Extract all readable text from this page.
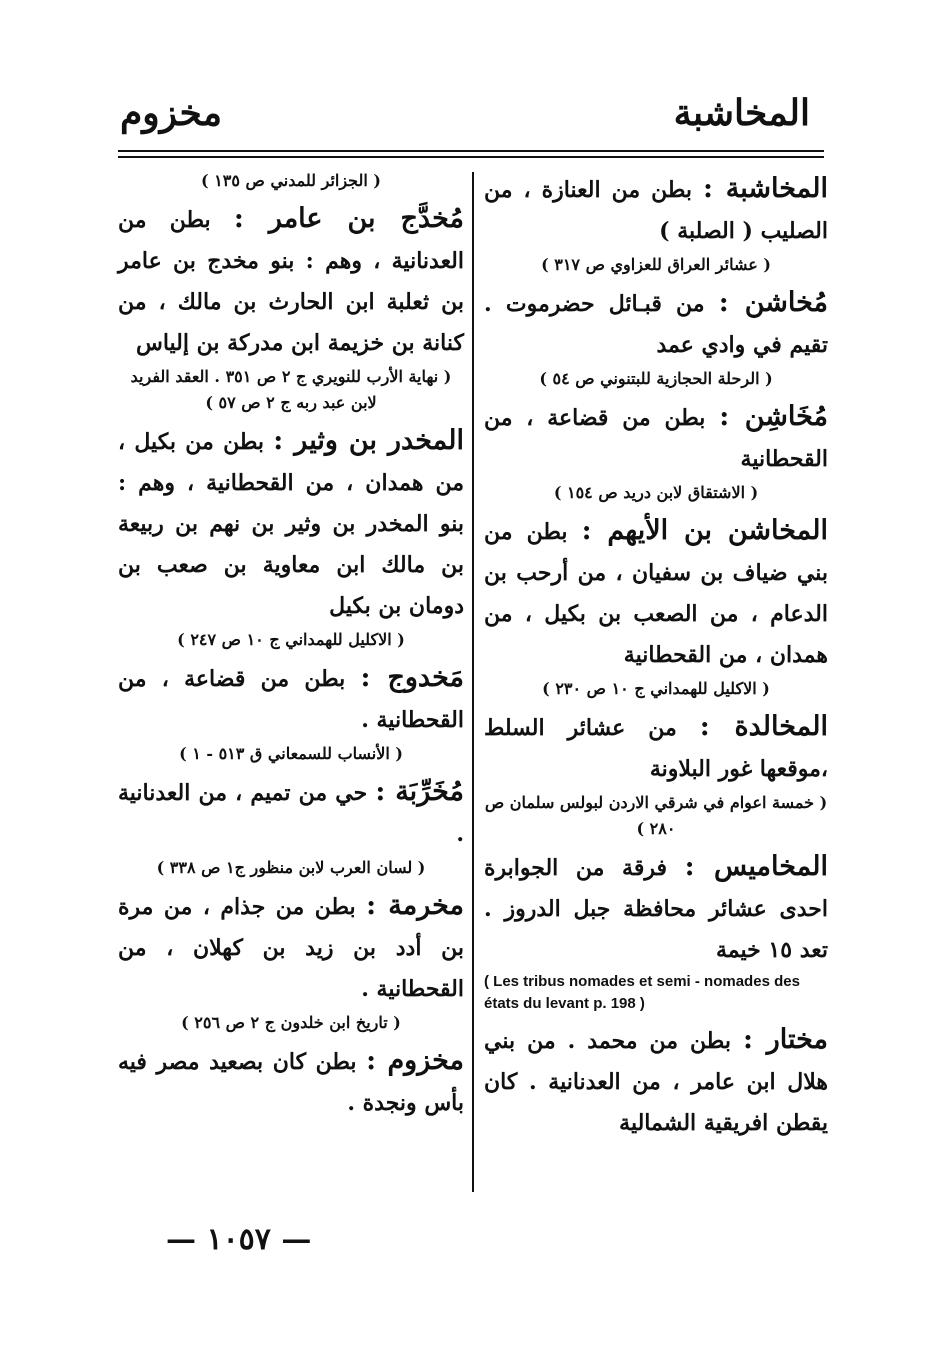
المخاشبة
مخزوم

المخاشبة : بطن من العنازة ، من الصليب ( الصلبة )

( عشائر العراق للعزاوي ص ٣١٧ )

مُخاشن : من قبـائل حضرموت . تقيم في وادي عمد

( الرحلة الحجازية للبتنوني ص ٥٤ )

مُخَاشِن : بطن من قضاعة ، من القحطانية

( الاشتقاق لابن دريد ص ١٥٤ )

المخاشن بن الأيهم : بطن من بني ضياف بن سفيان ، من أرحب بن الدعام ، من الصعب بن بكيل ، من همدان ، من القحطانية

( الاكليل للهمداني ج ١٠ ص ٢٣٠ )

المخالدة : من عشائر السلط ،موقعها غور البلاونة

( خمسة اعوام في شرقي الاردن لبولس سلمان ص ٢٨٠ )

المخاميس : فرقة من الجوابرة احدى عشائر محافظة جبل الدروز . تعد ١٥ خيمة

( Les tribus nomades et semi - nomades des états du levant p. 198 )

مختار : بطن من محمد . من بني هلال ابن عامر ، من العدنانية . كان يقطن افريقية الشمالية

( الجزائر للمدني ص ١٣٥ )

مُخدَّج بن عامر : بطن من العدنانية ، وهم : بنو مخدج بن عامر بن ثعلبة ابن الحارث بن مالك ، من كنانة بن خزيمة ابن مدركة بن إلياس

( نهاية الأرب للنويري ج ٢ ص ٣٥١ . العقد الفريد لابن عبد ربه ج ٢ ص ٥٧ )

المخدر بن وثير : بطن من بكيل ، من همدان ، من القحطانية ، وهم : بنو المخدر بن وثير بن نهم بن ربيعة بن مالك ابن معاوية بن صعب بن دومان بن بكيل

( الاكليل للهمداني ج ١٠ ص ٢٤٧ )

مَخدوج : بطن من قضاعة ، من القحطانية .

( الأنساب للسمعاني ق ٥١٣ - ١ )

مُخَرِّبَة : حي من تميم ، من العدنانية .

( لسان العرب لابن منظور ج١ ص ٣٣٨ )

مخرمة : بطن من جذام ، من مرة بن أدد بن زيد بن كهلان ، من القحطانية .

( تاريخ ابن خلدون ج ٢ ص ٢٥٦ )

مخزوم : بطن كان بصعيد مصر فيه بأس ونجدة .

— ١٠٥٧ —
